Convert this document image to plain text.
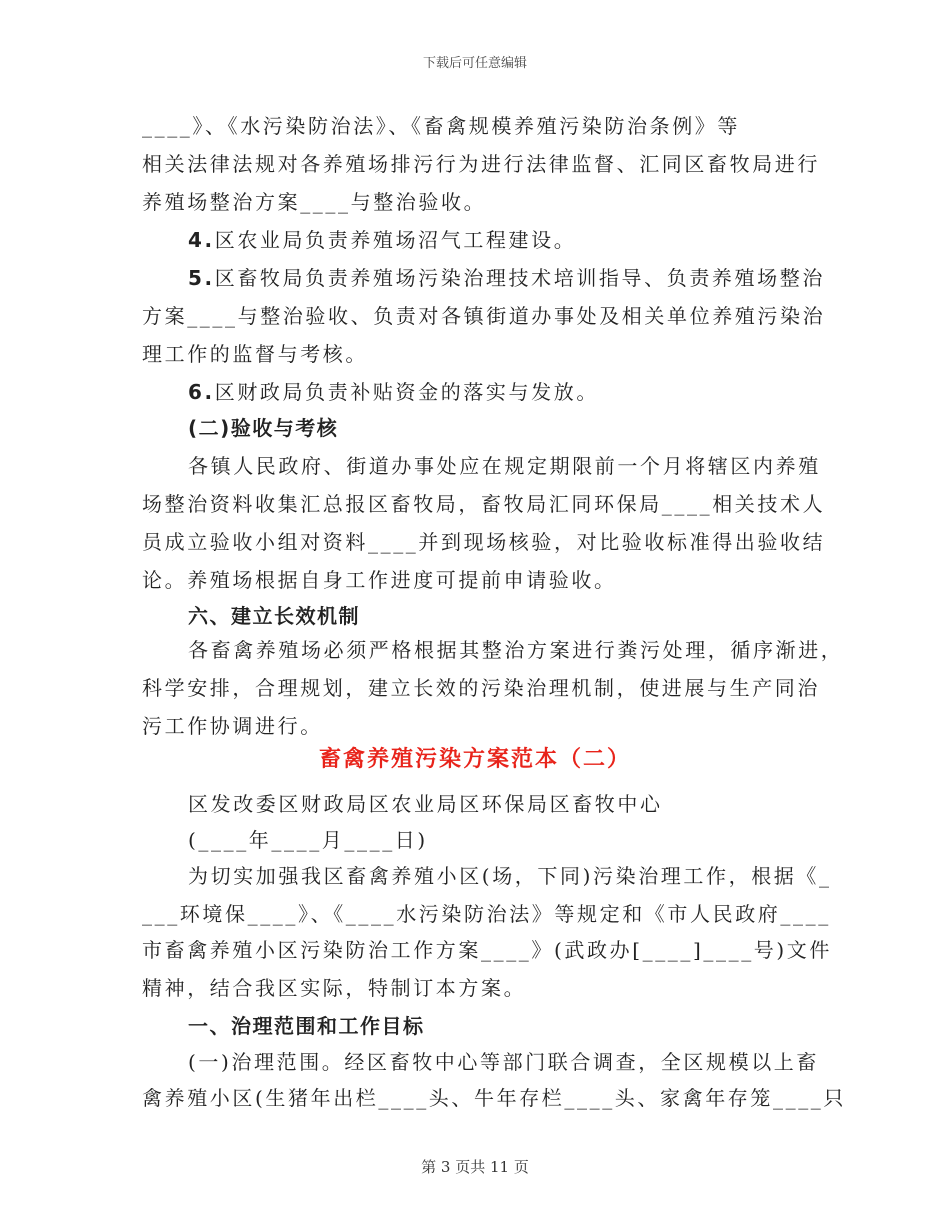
下载后可任意编辑
____》、《水污染防治法》、《畜禽规模养殖污染防治条例》等
相关法律法规对各养殖场排污行为进行法律监督、汇同区畜牧局进行
养殖场整治方案____与整治验收。
4.区农业局负责养殖场沼气工程建设。
5.区畜牧局负责养殖场污染治理技术培训指导、负责养殖场整治
方案____与整治验收、负责对各镇街道办事处及相关单位养殖污染治
理工作的监督与考核。
6.区财政局负责补贴资金的落实与发放。
(二)验收与考核
各镇人民政府、街道办事处应在规定期限前一个月将辖区内养殖
场整治资料收集汇总报区畜牧局，畜牧局汇同环保局____相关技术人
员成立验收小组对资料____并到现场核验，对比验收标准得出验收结
论。养殖场根据自身工作进度可提前申请验收。
六、建立长效机制
各畜禽养殖场必须严格根据其整治方案进行粪污处理，循序渐进，
科学安排，合理规划，建立长效的污染治理机制，使进展与生产同治
污工作协调进行。
畜禽养殖污染方案范本（二）
区发改委区财政局区农业局区环保局区畜牧中心
(____年____月____日)
为切实加强我区畜禽养殖小区(场，下同)污染治理工作，根据《_
___环境保____》、《____水污染防治法》等规定和《市人民政府____
市畜禽养殖小区污染防治工作方案____》(武政办[____]____号)文件
精神，结合我区实际，特制订本方案。
一、治理范围和工作目标
(一)治理范围。经区畜牧中心等部门联合调查，全区规模以上畜
禽养殖小区(生猪年出栏____头、牛年存栏____头、家禽年存笼____只
第 3 页共 11 页
